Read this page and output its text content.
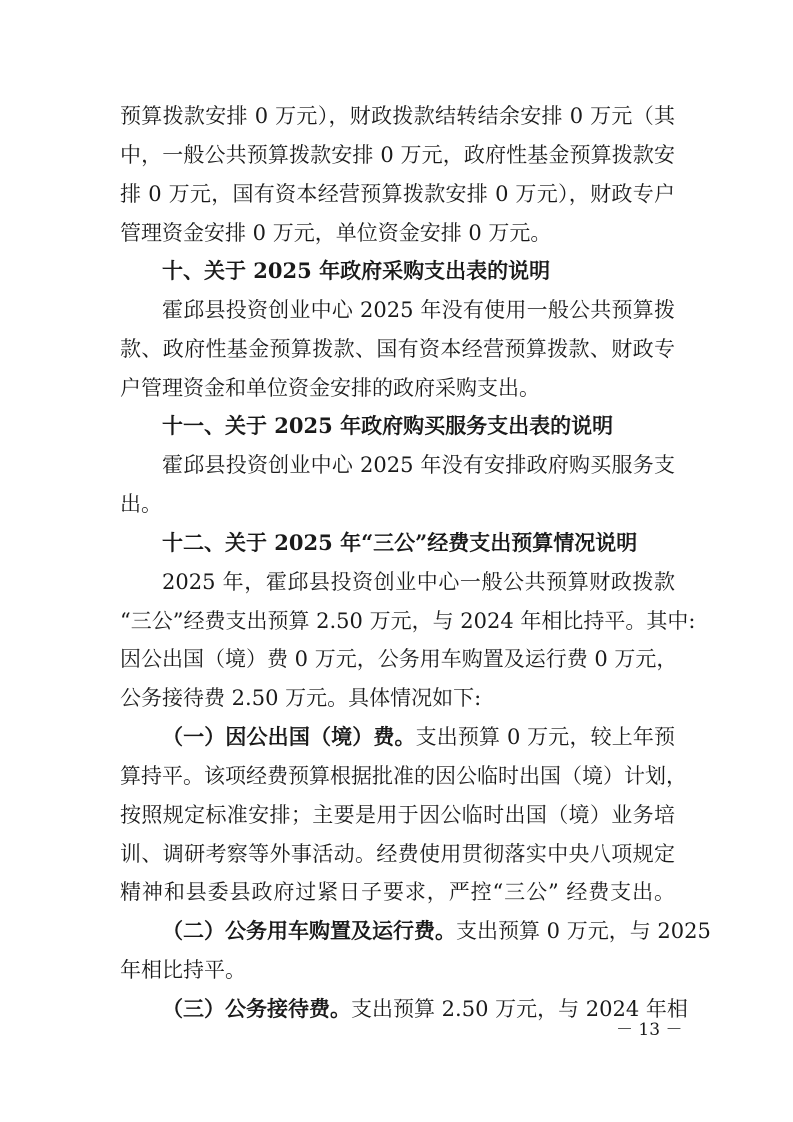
预算拨款安排 0 万元），财政拨款结转结余安排 0 万元（其
中，一般公共预算拨款安排 0 万元，政府性基金预算拨款安
排 0 万元，国有资本经营预算拨款安排 0 万元），财政专户
管理资金安排 0 万元，单位资金安排 0 万元。
十、关于 2025 年政府采购支出表的说明
霍邱县投资创业中心 2025 年没有使用一般公共预算拨
款、政府性基金预算拨款、国有资本经营预算拨款、财政专
户管理资金和单位资金安排的政府采购支出。
十一、关于 2025 年政府购买服务支出表的说明
霍邱县投资创业中心 2025 年没有安排政府购买服务支
出。
十二、关于 2025 年“三公”经费支出预算情况说明
2025 年，霍邱县投资创业中心一般公共预算财政拨款
“三公”经费支出预算 2.50 万元，与 2024 年相比持平。其中:
因公出国（境）费 0 万元，公务用车购置及运行费 0 万元，
公务接待费 2.50 万元。具体情况如下:
（一）因公出国（境）费。支出预算 0 万元，较上年预
算持平。该项经费预算根据批准的因公临时出国（境）计划，
按照规定标准安排；主要是用于因公临时出国（境）业务培
训、调研考察等外事活动。经费使用贯彻落实中央八项规定
精神和县委县政府过紧日子要求，严控“三公” 经费支出。
（二）公务用车购置及运行费。支出预算 0 万元，与 2025
年相比持平。
（三）公务接待费。支出预算 2.50 万元，与 2024 年相
－ 13 －
